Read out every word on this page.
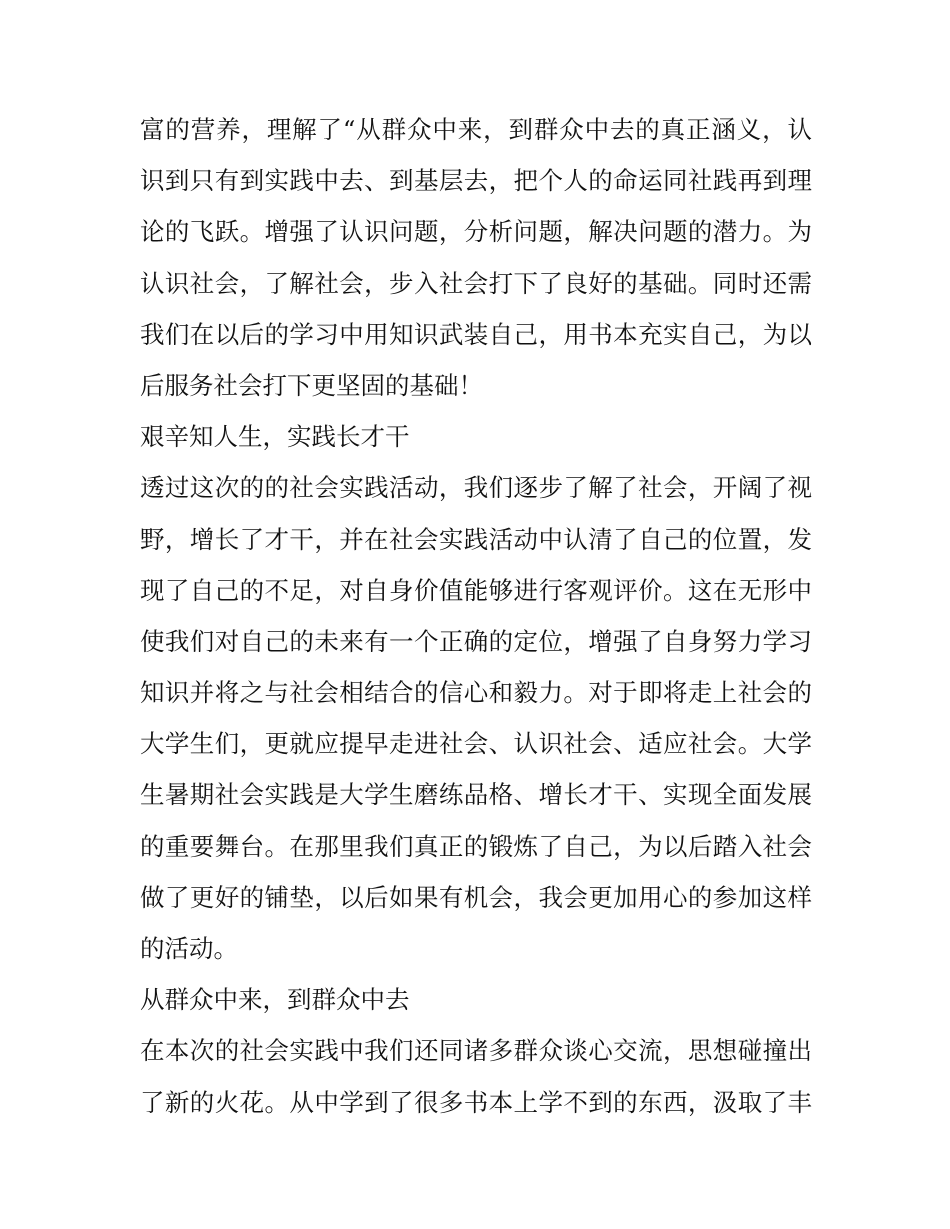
富的营养，理解了“从群众中来，到群众中去的真正涵义，认
识到只有到实践中去、到基层去，把个人的命运同社践再到理
论的飞跃。增强了认识问题，分析问题，解决问题的潜力。为
认识社会，了解社会，步入社会打下了良好的基础。同时还需
我们在以后的学习中用知识武装自己，用书本充实自己，为以
后服务社会打下更坚固的基础！
艰辛知人生，实践长才干
透过这次的的社会实践活动，我们逐步了解了社会，开阔了视
野，增长了才干，并在社会实践活动中认清了自己的位置，发
现了自己的不足，对自身价值能够进行客观评价。这在无形中
使我们对自己的未来有一个正确的定位，增强了自身努力学习
知识并将之与社会相结合的信心和毅力。对于即将走上社会的
大学生们，更就应提早走进社会、认识社会、适应社会。大学
生暑期社会实践是大学生磨练品格、增长才干、实现全面发展
的重要舞台。在那里我们真正的锻炼了自己，为以后踏入社会
做了更好的铺垫，以后如果有机会，我会更加用心的参加这样
的活动。
从群众中来，到群众中去
在本次的社会实践中我们还同诸多群众谈心交流，思想碰撞出
了新的火花。从中学到了很多书本上学不到的东西，汲取了丰
